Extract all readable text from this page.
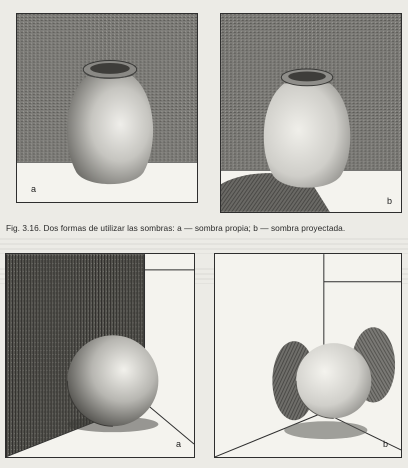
a
b
Fig. 3.16. Dos formas de utilizar las sombras: a — sombra propia; b — sombra proyectada.
a	b
